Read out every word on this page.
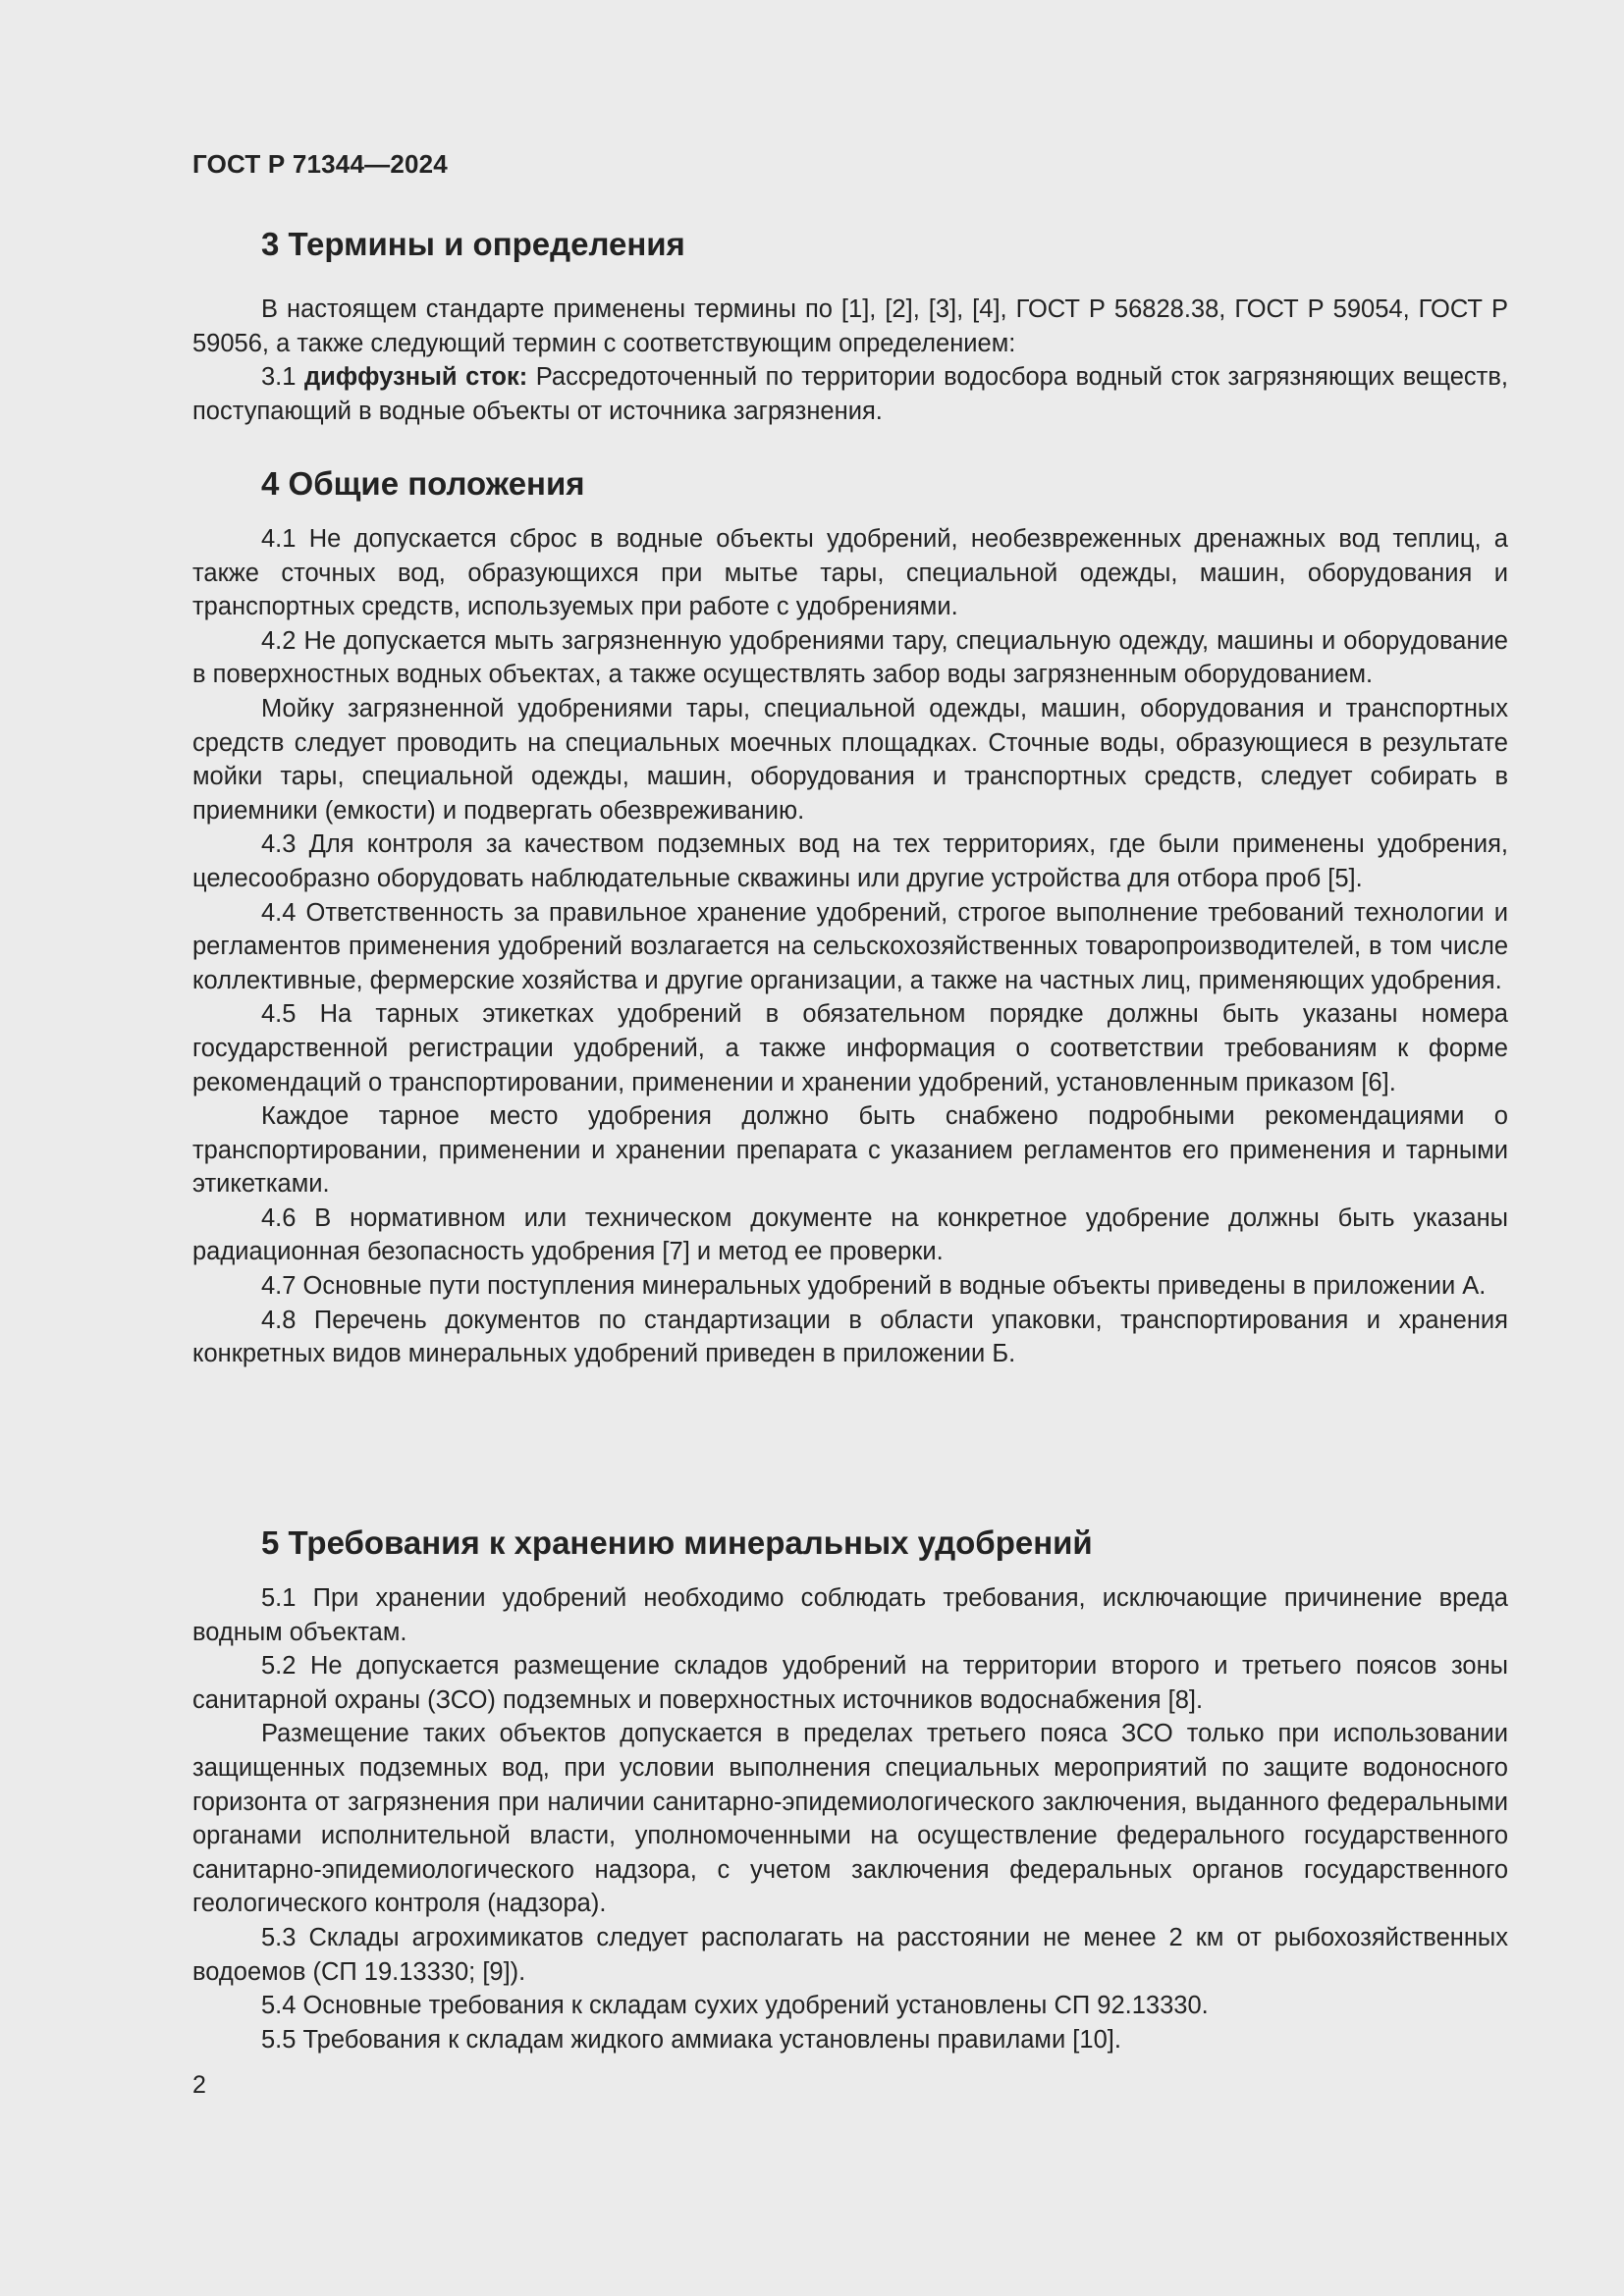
ГОСТ Р 71344—2024
3 Термины и определения

В настоящем стандарте применены термины по [1], [2], [3], [4], ГОСТ Р 56828.38, ГОСТ Р 59054, ГОСТ Р 59056, а также следующий термин с соответствующим определением:

3.1 диффузный сток: Рассредоточенный по территории водосбора водный сток загрязняющих веществ, поступающий в водные объекты от источника загрязнения.

4 Общие положения

4.1 Не допускается сброс в водные объекты удобрений, необезвреженных дренажных вод теплиц, а также сточных вод, образующихся при мытье тары, специальной одежды, машин, оборудования и транспортных средств, используемых при работе с удобрениями.

4.2 Не допускается мыть загрязненную удобрениями тару, специальную одежду, машины и оборудование в поверхностных водных объектах, а также осуществлять забор воды загрязненным оборудованием.

Мойку загрязненной удобрениями тары, специальной одежды, машин, оборудования и транспортных средств следует проводить на специальных моечных площадках. Сточные воды, образующиеся в результате мойки тары, специальной одежды, машин, оборудования и транспортных средств, следует собирать в приемники (емкости) и подвергать обезвреживанию.

4.3 Для контроля за качеством подземных вод на тех территориях, где были применены удобрения, целесообразно оборудовать наблюдательные скважины или другие устройства для отбора проб [5].

4.4 Ответственность за правильное хранение удобрений, строгое выполнение требований технологии и регламентов применения удобрений возлагается на сельскохозяйственных товаропроизводителей, в том числе коллективные, фермерские хозяйства и другие организации, а также на частных лиц, применяющих удобрения.

4.5 На тарных этикетках удобрений в обязательном порядке должны быть указаны номера государственной регистрации удобрений, а также информация о соответствии требованиям к форме рекомендаций о транспортировании, применении и хранении удобрений, установленным приказом [6].

Каждое тарное место удобрения должно быть снабжено подробными рекомендациями о транспортировании, применении и хранении препарата с указанием регламентов его применения и тарными этикетками.

4.6 В нормативном или техническом документе на конкретное удобрение должны быть указаны радиационная безопасность удобрения [7] и метод ее проверки.

4.7 Основные пути поступления минеральных удобрений в водные объекты приведены в приложении А.

4.8 Перечень документов по стандартизации в области упаковки, транспортирования и хранения конкретных видов минеральных удобрений приведен в приложении Б.

5 Требования к хранению минеральных удобрений

5.1 При хранении удобрений необходимо соблюдать требования, исключающие причинение вреда водным объектам.

5.2 Не допускается размещение складов удобрений на территории второго и третьего поясов зоны санитарной охраны (ЗСО) подземных и поверхностных источников водоснабжения [8].

Размещение таких объектов допускается в пределах третьего пояса ЗСО только при использовании защищенных подземных вод, при условии выполнения специальных мероприятий по защите водоносного горизонта от загрязнения при наличии санитарно-эпидемиологического заключения, выданного федеральными органами исполнительной власти, уполномоченными на осуществление федерального государственного санитарно-эпидемиологического надзора, с учетом заключения федеральных органов государственного геологического контроля (надзора).

5.3 Склады агрохимикатов следует располагать на расстоянии не менее 2 км от рыбохозяйственных водоемов (СП 19.13330; [9]).

5.4 Основные требования к складам сухих удобрений установлены СП 92.13330.

5.5 Требования к складам жидкого аммиака установлены правилами [10].

2
